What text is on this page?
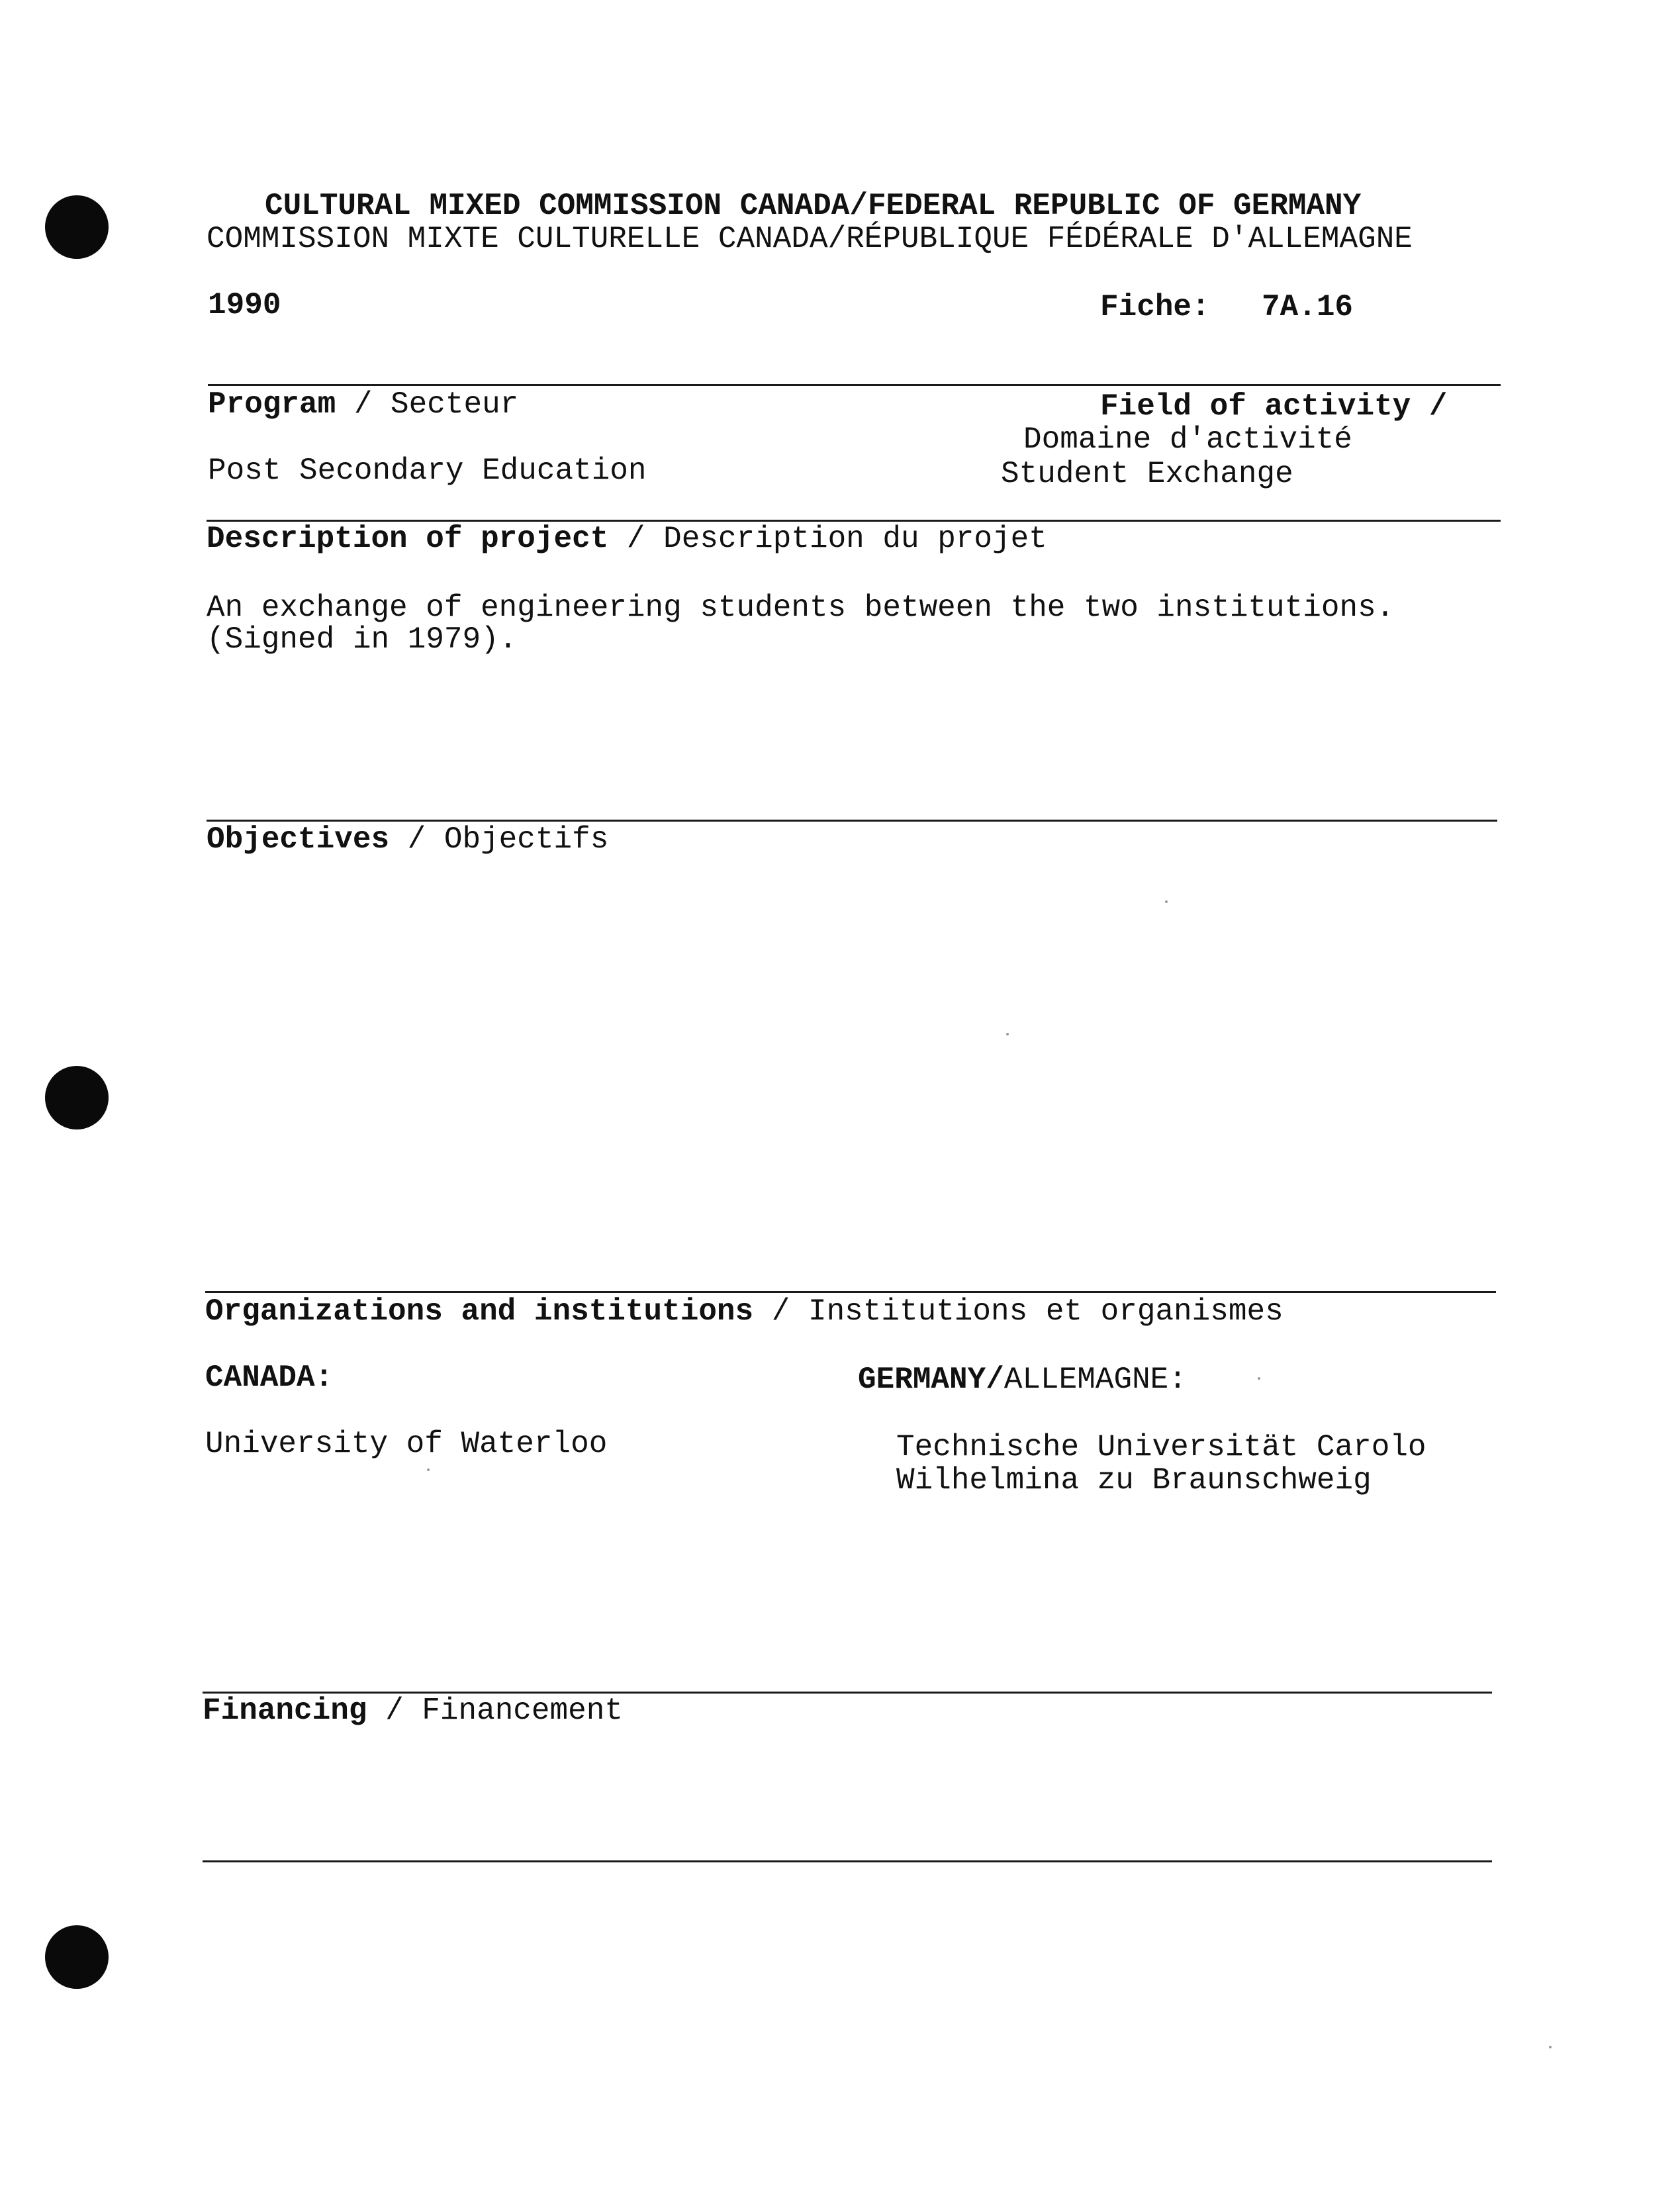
CULTURAL MIXED COMMISSION CANADA/FEDERAL REPUBLIC OF GERMANY
COMMISSION MIXTE CULTURELLE CANADA/RÉPUBLIQUE FÉDÉRALE D'ALLEMAGNE
1990	Fiche: 7A.16
Program / Secteur	Field of activity /
Domaine d'activité
Post Secondary Education	Student Exchange
Description of project / Description du projet
An exchange of engineering students between the two institutions.
(Signed in 1979).
Objectives / Objectifs
Organizations and institutions / Institutions et organismes
CANADA:	GERMANY/ALLEMAGNE:
University of Waterloo	Technische Universität Carolo
Wilhelmina zu Braunschweig
Financing / Financement
